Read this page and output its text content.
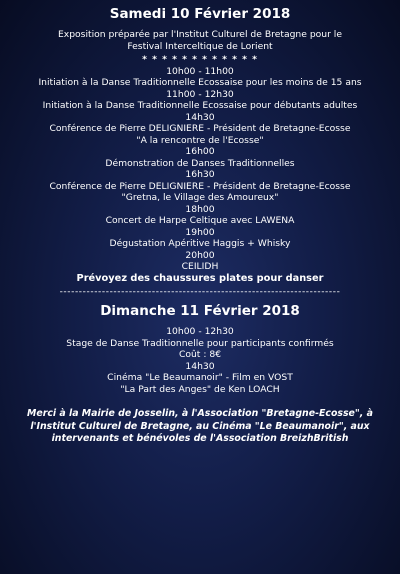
Samedi 10 Février 2018
Exposition préparée par l'Institut Culturel de Bretagne pour le
Festival Interceltique de Lorient
* * * * * * * * * * * *
10h00 - 11h00
Initiation à la Danse Traditionnelle Ecossaise pour les moins de 15 ans
11h00 - 12h30
Initiation à la Danse Traditionnelle Ecossaise pour débutants adultes
14h30
Conférence de Pierre DELIGNIERE - Président de Bretagne-Ecosse
"A la rencontre de l'Ecosse"
16h00
Démonstration de Danses Traditionnelles
16h30
Conférence de Pierre DELIGNIERE - Président de Bretagne-Ecosse
"Gretna, le Village des Amoureux"
18h00
Concert de Harpe Celtique avec LAWENA
19h00
Dégustation Apéritive Haggis + Whisky
20h00
CEILIDH
Prévoyez des chaussures plates pour danser
-------------------------------------------------------------------------
Dimanche 11 Février 2018
10h00 - 12h30
Stage de Danse Traditionnelle pour participants confirmés
Coût : 8€
14h30
Cinéma "Le Beaumanoir" - Film en VOST
"La Part des Anges" de Ken LOACH
Merci à la Mairie de Josselin, à l'Association "Bretagne-Ecosse", à
l'Institut Culturel de Bretagne, au Cinéma "Le Beaumanoir", aux
intervenants et bénévoles de l'Association BreizhBritish
